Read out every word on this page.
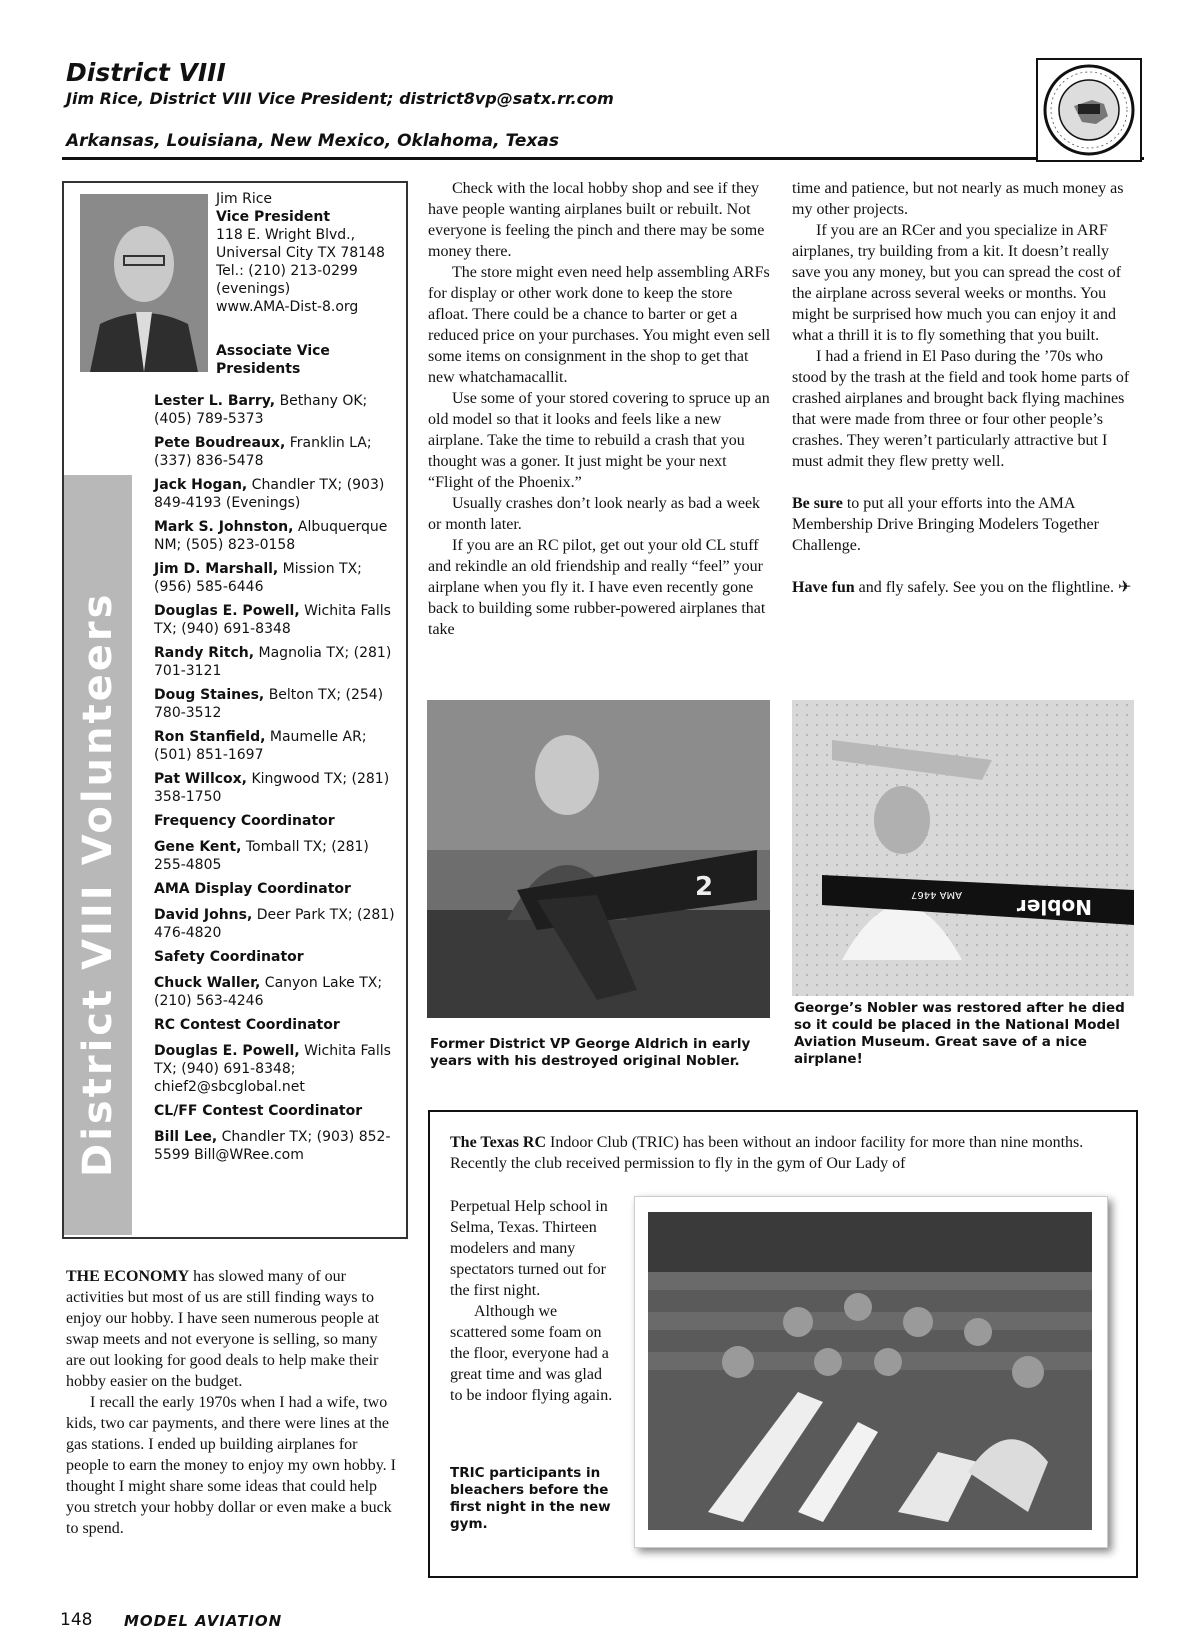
District VIII
Jim Rice, District VIII Vice President; district8vp@satx.rr.com
Arkansas, Louisiana, New Mexico, Oklahoma, Texas
District VIII Volunteers
Jim Rice
Vice President
118 E. Wright Blvd.,
Universal City TX 78148
Tel.: (210) 213-0299
(evenings)
www.AMA-Dist-8.org
Associate Vice Presidents
Lester L. Barry, Bethany OK; (405) 789-5373
Pete Boudreaux, Franklin LA; (337) 836-5478
Jack Hogan, Chandler TX; (903) 849-4193 (Evenings)
Mark S. Johnston, Albuquerque NM; (505) 823-0158
Jim D. Marshall, Mission TX; (956) 585-6446
Douglas E. Powell, Wichita Falls TX; (940) 691-8348
Randy Ritch, Magnolia TX; (281) 701-3121
Doug Staines, Belton TX; (254) 780-3512
Ron Stanfield, Maumelle AR; (501) 851-1697
Pat Willcox, Kingwood TX; (281) 358-1750
Frequency Coordinator
Gene Kent, Tomball TX; (281) 255-4805
AMA Display Coordinator
David Johns, Deer Park TX; (281) 476-4820
Safety Coordinator
Chuck Waller, Canyon Lake TX; (210) 563-4246
RC Contest Coordinator
Douglas E. Powell, Wichita Falls TX; (940) 691-8348; chief2@sbcglobal.net
CL/FF Contest Coordinator
Bill Lee, Chandler TX; (903) 852-5599 Bill@WRee.com

THE ECONOMY has slowed many of our activities but most of us are still finding ways to enjoy our hobby. I have seen numerous people at swap meets and not everyone is selling, so many are out looking for good deals to help make their hobby easier on the budget.

I recall the early 1970s when I had a wife, two kids, two car payments, and there were lines at the gas stations. I ended up building airplanes for people to earn the money to enjoy my own hobby. I thought I might share some ideas that could help you stretch your hobby dollar or even make a buck to spend.

Check with the local hobby shop and see if they have people wanting airplanes built or rebuilt. Not everyone is feeling the pinch and there may be some money there.

The store might even need help assembling ARFs for display or other work done to keep the store afloat. There could be a chance to barter or get a reduced price on your purchases. You might even sell some items on consignment in the shop to get that new whatchamacallit.

Use some of your stored covering to spruce up an old model so that it looks and feels like a new airplane. Take the time to rebuild a crash that you thought was a goner. It just might be your next “Flight of the Phoenix.”

Usually crashes don’t look nearly as bad a week or month later.

If you are an RC pilot, get out your old CL stuff and rekindle an old friendship and really “feel” your airplane when you fly it. I have even recently gone back to building some rubber-powered airplanes that take

time and patience, but not nearly as much money as my other projects.

If you are an RCer and you specialize in ARF airplanes, try building from a kit. It doesn’t really save you any money, but you can spread the cost of the airplane across several weeks or months. You might be surprised how much you can enjoy it and what a thrill it is to fly something that you built.

I had a friend in El Paso during the ’70s who stood by the trash at the field and took home parts of crashed airplanes and brought back flying machines that were made from three or four other people’s crashes. They weren’t particularly attractive but I must admit they flew pretty well.

Be sure to put all your efforts into the AMA Membership Drive Bringing Modelers Together Challenge.

Have fun and fly safely. See you on the flightline. ✈

2
Former District VP George Aldrich in early years with his destroyed original Nobler.
Nobler
AMA 4467
George’s Nobler was restored after he died so it could be placed in the National Model Aviation Museum. Great save of a nice airplane!
The Texas RC Indoor Club (TRIC) has been without an indoor facility for more than nine months. Recently the club received permission to fly in the gym of Our Lady of

Perpetual Help school in Selma, Texas. Thirteen modelers and many spectators turned out for the first night.

Although we scattered some foam on the floor, everyone had a great time and was glad to be indoor flying again.

TRIC participants in bleachers before the first night in the new gym.
148 MODEL AVIATION
